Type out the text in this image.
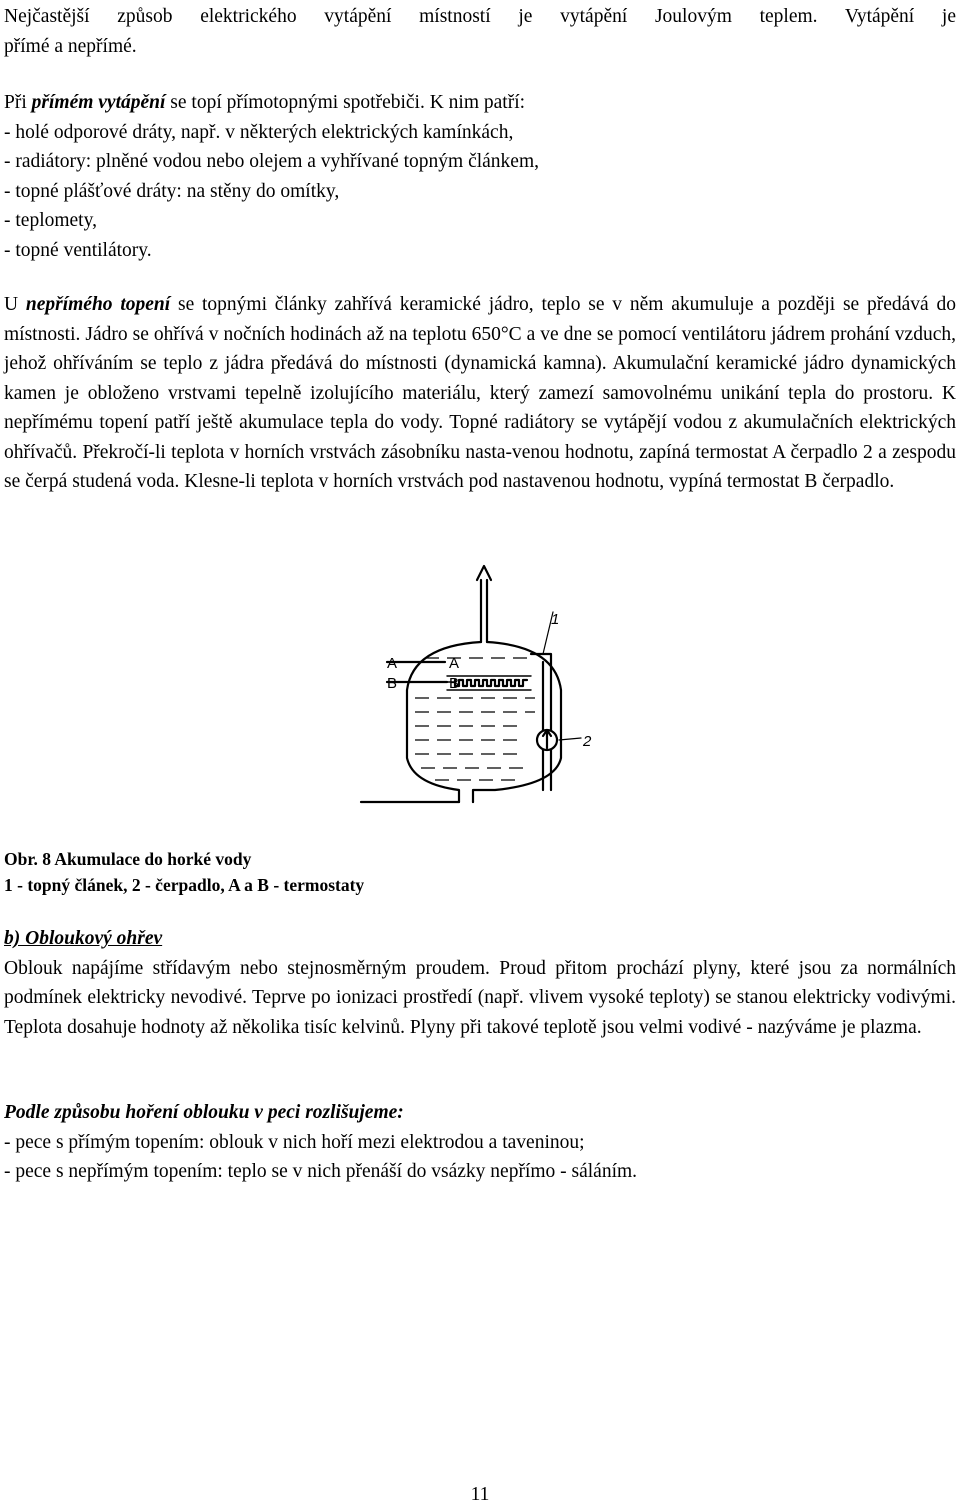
Nejčastější způsob elektrického vytápění místností je vytápění Joulovým teplem. Vytápění je
přímé a nepřímé.
Při přímém vytápění se topí přímotopnými spotřebiči. K nim patří:
- holé odporové dráty, např. v některých elektrických kamínkách,
- radiátory: plněné vodou nebo olejem a vyhřívané topným článkem,
- topné plášťové dráty: na stěny do omítky,
- teplomety,
- topné ventilátory.

U nepřímého topení se topnými články zahřívá keramické jádro, teplo se v něm akumuluje a později se předává do místnosti. Jádro se ohřívá v nočních hodinách až na teplotu 650°C a ve dne se pomocí ventilátoru jádrem prohání vzduch, jehož ohříváním se teplo z jádra předává do místnosti (dynamická kamna). Akumulační keramické jádro dynamických kamen je obloženo vrstvami tepelně izolujícího materiálu, který zamezí samovolnému unikání tepla do prostoru. K nepřímému topení patří ještě akumulace tepla do vody. Topné radiátory se vytápějí vodou z akumulačních elektrických ohřívačů. Překročí-li teplota v horních vrstvách zásobníku nasta-venou hodnotu, zapíná termostat A čerpadlo 2 a zespodu se čerpá studená voda. Klesne-li teplota v horních vrstvách pod nastavenou hodnotu, vypíná termostat B čerpadlo.

A
B
A
B
1
2
Obr. 8 Akumulace do horké vody
1 - topný článek, 2 - čerpadlo, A a B - termostaty
b) Obloukový ohřev

Oblouk napájíme střídavým nebo stejnosměrným proudem. Proud přitom prochází plyny, které jsou za normálních podmínek elektricky nevodivé. Teprve po ionizaci prostředí (např. vlivem vysoké teploty) se stanou elektricky vodivými. Teplota dosahuje hodnoty až několika tisíc kelvinů. Plyny při takové teplotě jsou velmi vodivé - nazýváme je plazma.

Podle způsobu hoření oblouku v peci rozlišujeme:
- pece s přímým topením: oblouk v nich hoří mezi elektrodou a taveninou;
- pece s nepřímým topením: teplo se v nich přenáší do vsázky nepřímo - sáláním.
11
